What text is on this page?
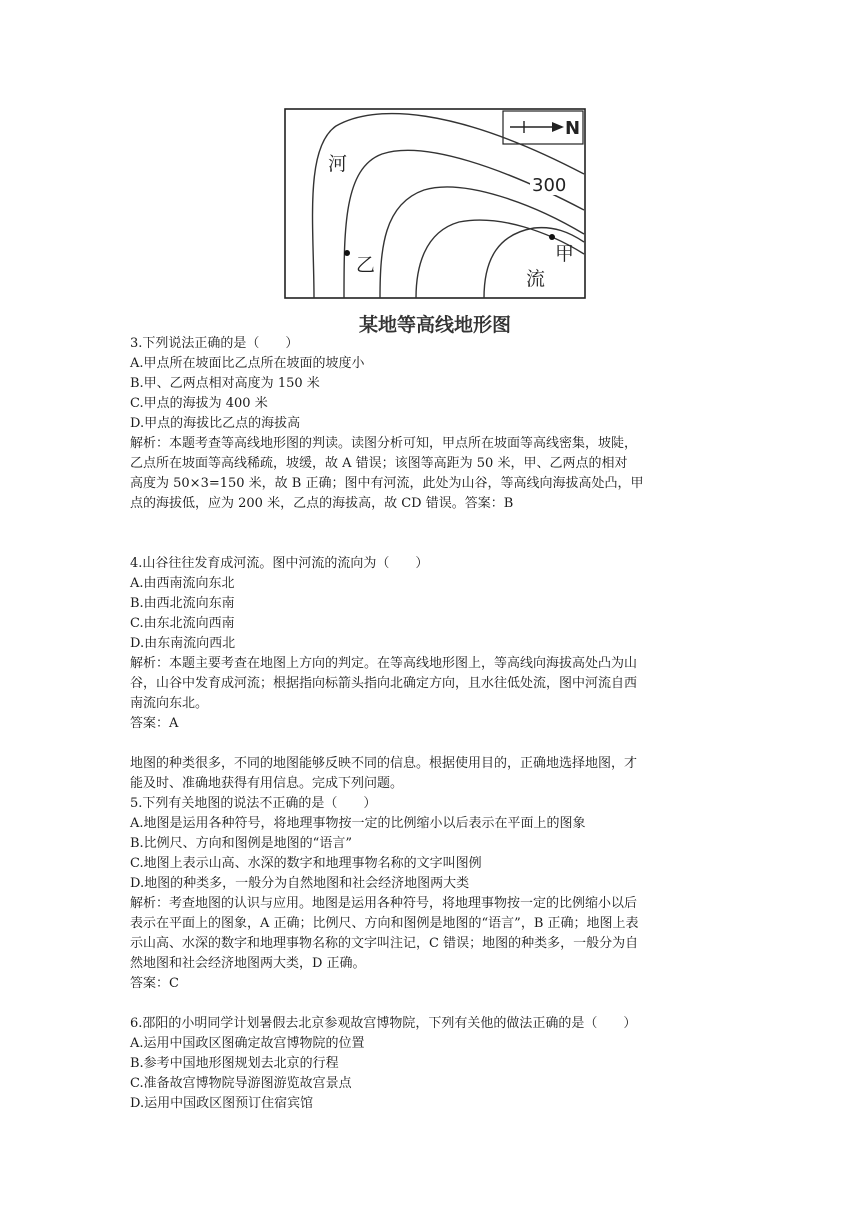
N
河
流
300
乙	甲
某地等高线地形图
3.下列说法正确的是（　　）
A.甲点所在坡面比乙点所在坡面的坡度小
B.甲、乙两点相对高度为 150 米
C.甲点的海拔为 400 米
D.甲点的海拔比乙点的海拔高
解析：本题考查等高线地形图的判读。读图分析可知，甲点所在坡面等高线密集，坡陡，
乙点所在坡面等高线稀疏，坡缓，故 A 错误；该图等高距为 50 米，甲、乙两点的相对
高度为 50×3=150 米，故 B 正确；图中有河流，此处为山谷，等高线向海拔高处凸，甲
点的海拔低，应为 200 米，乙点的海拔高，故 CD 错误。答案：B
4.山谷往往发育成河流。图中河流的流向为（　　）
A.由西南流向东北
B.由西北流向东南
C.由东北流向西南
D.由东南流向西北
解析：本题主要考查在地图上方向的判定。在等高线地形图上，等高线向海拔高处凸为山
谷，山谷中发育成河流；根据指向标箭头指向北确定方向，且水往低处流，图中河流自西
南流向东北。
答案：A
地图的种类很多，不同的地图能够反映不同的信息。根据使用目的，正确地选择地图，才
能及时、准确地获得有用信息。完成下列问题。
5.下列有关地图的说法不正确的是（　　）
A.地图是运用各种符号，将地理事物按一定的比例缩小以后表示在平面上的图象
B.比例尺、方向和图例是地图的“语言”
C.地图上表示山高、水深的数字和地理事物名称的文字叫图例
D.地图的种类多，一般分为自然地图和社会经济地图两大类
解析：考查地图的认识与应用。地图是运用各种符号，将地理事物按一定的比例缩小以后
表示在平面上的图象，A 正确；比例尺、方向和图例是地图的“语言”，B 正确；地图上表
示山高、水深的数字和地理事物名称的文字叫注记，C 错误；地图的种类多，一般分为自
然地图和社会经济地图两大类，D 正确。
答案：C
6.邵阳的小明同学计划暑假去北京参观故宫博物院，下列有关他的做法正确的是（　　）
A.运用中国政区图确定故宫博物院的位置
B.参考中国地形图规划去北京的行程
C.准备故宫博物院导游图游览故宫景点
D.运用中国政区图预订住宿宾馆
